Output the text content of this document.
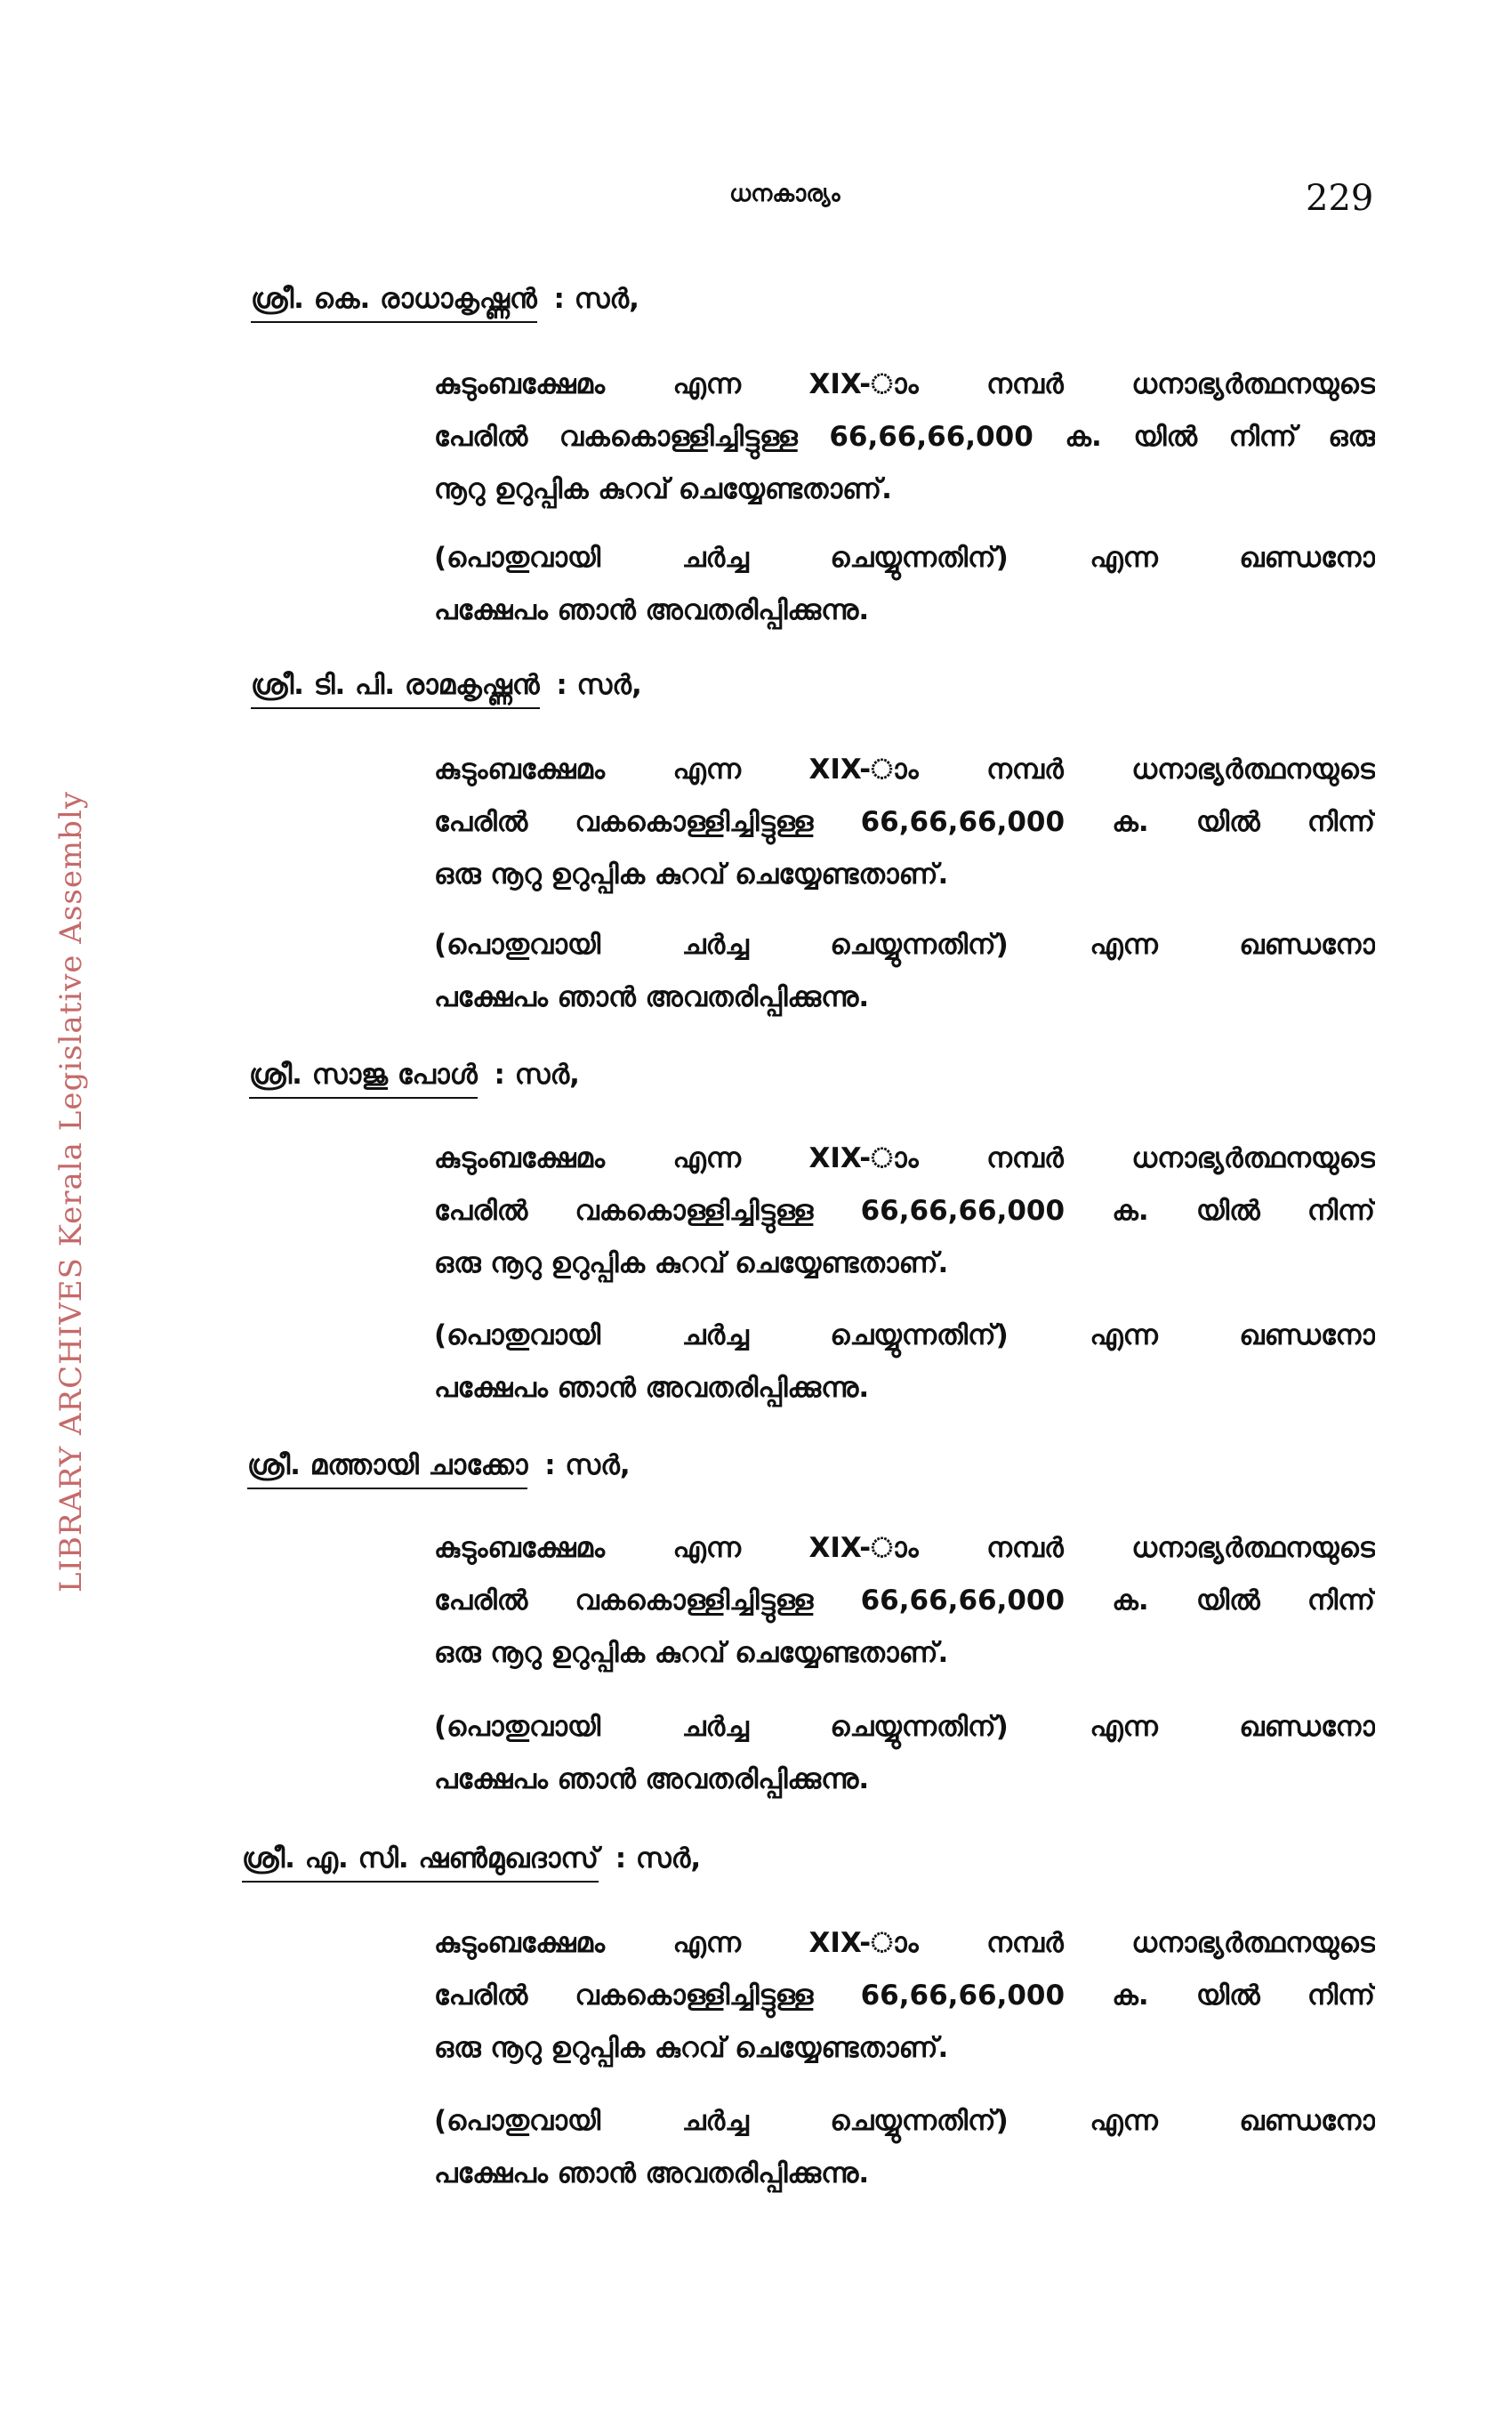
LIBRARY ARCHIVES Kerala Legislative Assembly
ധനകാര്യം	229
ശ്രീ. കെ. രാധാകൃഷ്ണൻ : സർ,
കുടുംബക്ഷേമം എന്ന XIX-ാം നമ്പർ ധനാഭ്യർത്ഥനയുടെ
പേരിൽ വകകൊള്ളിച്ചിട്ടുള്ള 66,66,66,000 ക. യിൽ നിന്ന് ഒരു
നൂറു ഉറുപ്പിക കുറവ് ചെയ്യേണ്ടതാണ്.
(പൊതുവായി ചർച്ച ചെയ്യുന്നതിന്) എന്ന ഖണ്ഡനോ
പക്ഷേപം ഞാൻ അവതരിപ്പിക്കുന്നു.
ശ്രീ. ടി. പി. രാമകൃഷ്ണൻ : സർ,
കുടുംബക്ഷേമം എന്ന XIX-ാം നമ്പർ ധനാഭ്യർത്ഥനയുടെ
പേരിൽ വകകൊള്ളിച്ചിട്ടുള്ള 66,66,66,000 ക. യിൽ നിന്ന്
ഒരു നൂറു ഉറുപ്പിക കുറവ് ചെയ്യേണ്ടതാണ്.
(പൊതുവായി ചർച്ച ചെയ്യുന്നതിന്) എന്ന ഖണ്ഡനോ
പക്ഷേപം ഞാൻ അവതരിപ്പിക്കുന്നു.
ശ്രീ. സാജു പോൾ : സർ,
കുടുംബക്ഷേമം എന്ന XIX-ാം നമ്പർ ധനാഭ്യർത്ഥനയുടെ
പേരിൽ വകകൊള്ളിച്ചിട്ടുള്ള 66,66,66,000 ക. യിൽ നിന്ന്
ഒരു നൂറു ഉറുപ്പിക കുറവ് ചെയ്യേണ്ടതാണ്.
(പൊതുവായി ചർച്ച ചെയ്യുന്നതിന്) എന്ന ഖണ്ഡനോ
പക്ഷേപം ഞാൻ അവതരിപ്പിക്കുന്നു.
ശ്രീ. മത്തായി ചാക്കോ : സർ,
കുടുംബക്ഷേമം എന്ന XIX-ാം നമ്പർ ധനാഭ്യർത്ഥനയുടെ
പേരിൽ വകകൊള്ളിച്ചിട്ടുള്ള 66,66,66,000 ക. യിൽ നിന്ന്
ഒരു നൂറു ഉറുപ്പിക കുറവ് ചെയ്യേണ്ടതാണ്.
(പൊതുവായി ചർച്ച ചെയ്യുന്നതിന്) എന്ന ഖണ്ഡനോ
പക്ഷേപം ഞാൻ അവതരിപ്പിക്കുന്നു.
ശ്രീ. എ. സി. ഷൺമുഖദാസ് : സർ,
കുടുംബക്ഷേമം എന്ന XIX-ാം നമ്പർ ധനാഭ്യർത്ഥനയുടെ
പേരിൽ വകകൊള്ളിച്ചിട്ടുള്ള 66,66,66,000 ക. യിൽ നിന്ന്
ഒരു നൂറു ഉറുപ്പിക കുറവ് ചെയ്യേണ്ടതാണ്.
(പൊതുവായി ചർച്ച ചെയ്യുന്നതിന്) എന്ന ഖണ്ഡനോ
പക്ഷേപം ഞാൻ അവതരിപ്പിക്കുന്നു.
